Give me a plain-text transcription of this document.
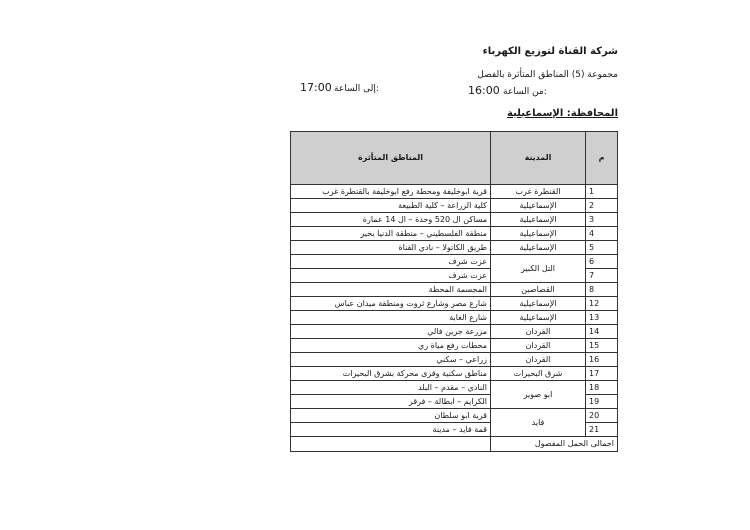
شركة القناة لتوزيع الكهرباء
مجموعة (5) المناطق المتأثرة بالفصل
من الساعة:
16:00
إلى الساعة:
17:00
المحافظة: الإسماعيلية
المناطق المتأثرة	المدينة	م
قرية ابوخليفة ومحطة رفع ابوخليفة بالقنطرة غرب	القنطرة غرب	1
كلية الزراعة – كلية الطبيعة	الإسماعيلية	2
مساكن ال 520 وحدة – ال 14 عمارة	الإسماعيلية	3
منطقة الفلسطيني – منطقة الدنيا بخير	الإسماعيلية	4
طريق الكاتولا – نادي القناة	الإسماعيلية	5
عزت شرف	التل الكبير	6
عزت شرف		7
المجسمة المحطة	القصاصين	8
شارع مصر وشارع ثروت ومنطقة ميدان عباس	الإسماعيلية	12
شارع الغابة	الإسماعيلية	13
مزرعة جرين فالي	القردان	14
محطات رفع مياة ري	القردان	15
زراعي – سكني	القردان	16
مناطق سكنية وقرى محركة بشرق البحيرات	شرق البحيرات	17
النادي – مقدم – البلد	ابو صوير	18
الكرايم – ابطالة – فرقر		19
قرية ابو سلطان	فايد	20
قمة فايد – مدينة		21
	اجمالى الحمل المفصول	
